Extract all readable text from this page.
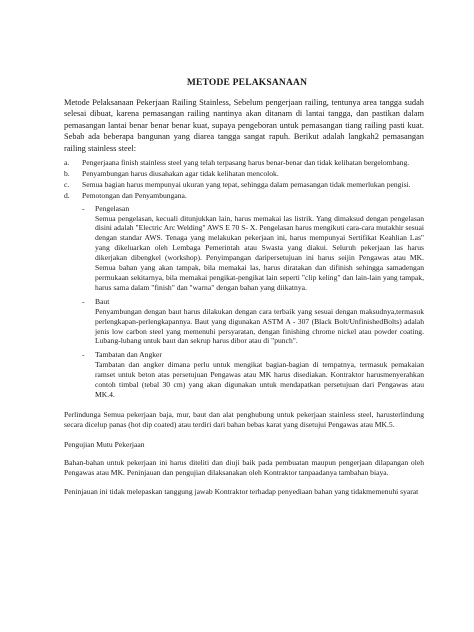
METODE PELAKSANAAN

Metode Pelaksanaan Pekerjaan Railing Stainless, Sebelum pengerjaan railing, tentunya area tangga sudah selesai dibuat, karena pemasangan railing nantinya akan ditanam di lantai tangga, dan pastikan dalam pemasangan lantai benar benar benar kuat, supaya pengeboran untuk pemasangan tiang railing pasti kuat. Sebab ada beberapa bangunan yang diarea tangga sangat rapuh. Berikut adalah langkah2 pemasangan railing stainless steel:

a. Pengerjaana finish stainless steel yang telah terpasang harus benar-benar dan tidak kelihatan bergelombang.
b. Penyambungan harus diusahakan agar tidak kelihatan mencolok.
c. Semua bagian harus mempunyai ukuran yang tepat, sehingga dalam pemasangan tidak memerlukan pengisi.
d. Pemotongan dan Penyambungana.
- Pengelasan
Semua pengelasan, kecuali ditunjukkan lain, harus memakai las listrik. Yang dimaksud dengan pengelasan disini adalah "Electric Arc Welding" AWS E 70 S- X. Pengelasan harus mengikuti cara-cara mutakhir sesuai dengan standar AWS. Tenaga yang melakukan pekerjaan ini, harus mempunyai Sertifikat Keahlian Las" yang dikeluarkan oleh Lembaga Pemerintah atau Swasta yang diakui. Seluruh pekerjaan las harus dikerjakan dibengkel (workshop). Penyimpangan daripersetujuan ini harus seijin Pengawas atau MK. Semua bahan yang akan tampak, bila memakai las, harus diratakan dan difinish sehingga samadengan permukaan sekitarnya, bila memakai pengikat-pengikat lain seperti "clip keling" dan lain-lain yang tampak, harus sama dalam "finish" dan "warna" dengan bahan yang diikatnya.
- Baut
Penyambungan dengan baut harus dilakukan dengan cara terbaik yang sesuai dengan maksudnya,termasuk perlengkapan-perlengkapannya. Baut yang digunakan ASTM A - 307 (Black Bolt/UnfinishedBolts) adalah jenis low carbon steel yang memenuhi persyaratan, dengan finishing chrome nickel atau powder coating. Lubang-lubang untuk baut dan sekrup harus dibor atau di "punch".
- Tambatan dan Angker
Tambatan dan angker dimana perlu untuk mengikat bagian-bagian di tempatnya, termasuk pemakaian ramset untuk beton atas persetujuan Pengawas atau MK harus disediakan. Kontraktor harusmenyerahkan contoh timbal (tebal 30 cm) yang akan digunakan untuk mendapatkan persetujuan dari Pengawas atau MK.4.

Perlindunga Semua pekerjaan baja, mur, baut dan alat penghubung untuk pekerjaan stainless steel, harusterlindung secara dicelup panas (hot dip coated) atau terdiri dari bahan bebas karat yang disetujui Pengawas atau MK.5.

Pengujian Mutu Pekerjaan

Bahan-bahan untuk pekerjaan ini harus diteliti dan diuji baik pada pembuatan maupun pengerjaan dilapangan oleh Pengawas atau MK. Peninjauan dan pengujian dilaksanakan oleh Kontraktor tanpaadanya tambahan biaya.

Peninjauan ini tidak melepaskan tanggung jawab Kontraktor terhadap penyediaan bahan yang tidakmemenuhi syarat
